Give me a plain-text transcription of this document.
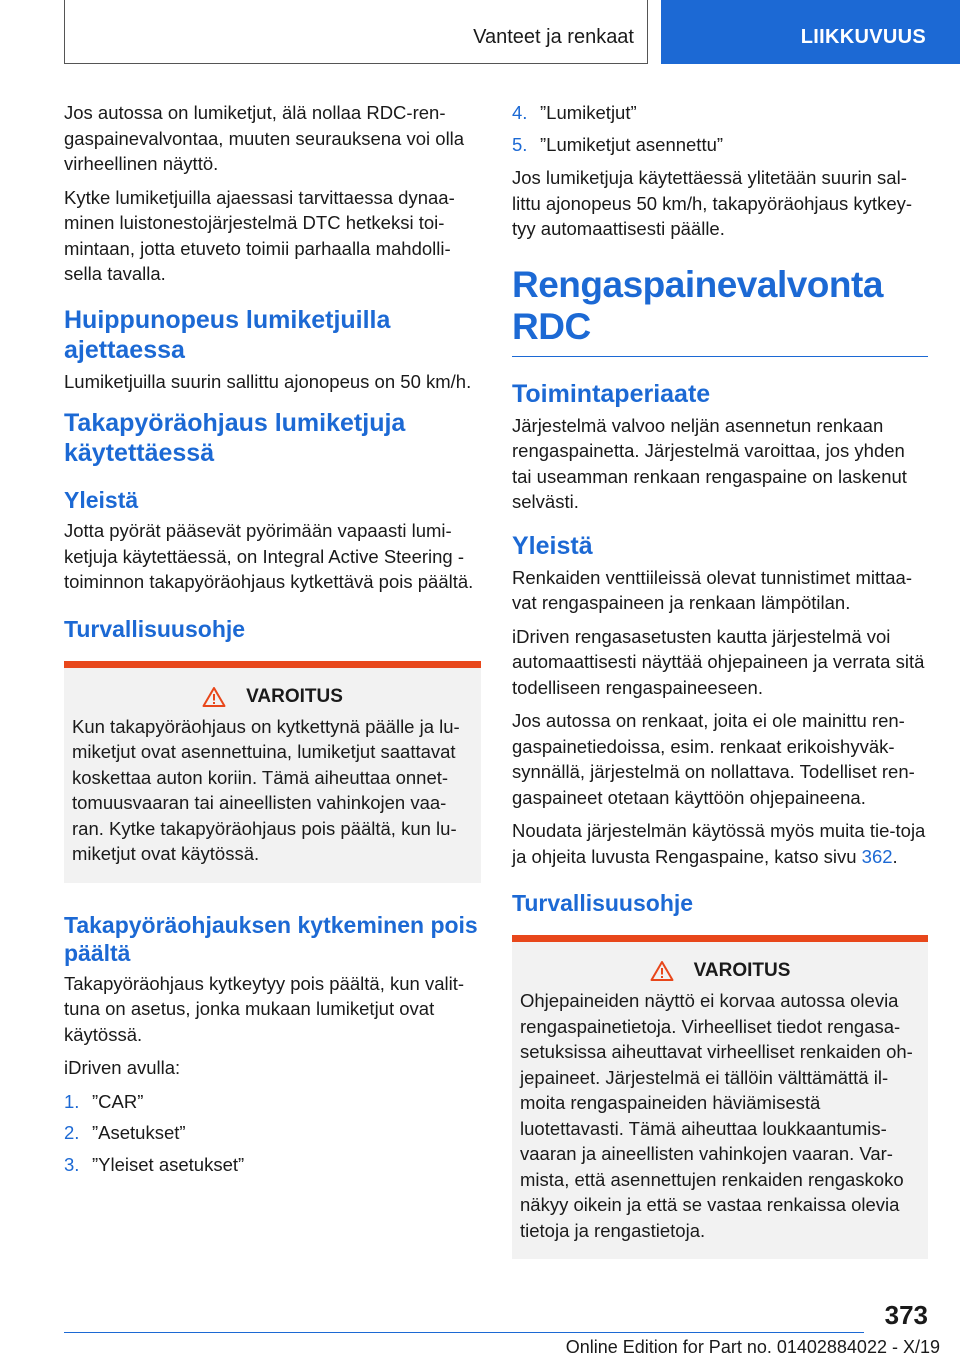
Vanteet ja renkaat	LIIKKUVUUS

Jos autossa on lumiketjut, älä nollaa RDC-ren-gaspainevalvontaa, muuten seurauksena voi olla virheellinen näyttö.

Kytke lumiketjuilla ajaessasi tarvittaessa dynaa-minen luistonestojärjestelmä DTC hetkeksi toi-mintaan, jotta etuveto toimii parhaalla mahdolli-sella tavalla.

Huippunopeus lumiketjuilla ajettaessa

Lumiketjuilla suurin sallittu ajonopeus on 50 km/h.

Takapyöräohjaus lumiketjuja käytettäessä
Yleistä

Jotta pyörät pääsevät pyörimään vapaasti lumi-ketjuja käytettäessä, on Integral Active Steering -toiminnon takapyöräohjaus kytkettävä pois päältä.

Turvallisuusohje
VAROITUS

Kun takapyöräohjaus on kytkettynä päälle ja lu-miketjut ovat asennettuina, lumiketjut saattavat koskettaa auton koriin. Tämä aiheuttaa onnet-tomuusvaaran tai aineellisten vahinkojen vaa-ran. Kytke takapyöräohjaus pois päältä, kun lu-miketjut ovat käytössä.

Takapyöräohjauksen kytkeminen pois päältä

Takapyöräohjaus kytkeytyy pois päältä, kun valit-tuna on asetus, jonka mukaan lumiketjut ovat käytössä.

iDriven avulla:

1. ”CAR”
2. ”Asetukset”
3. ”Yleiset asetukset”
4. ”Lumiketjut”
5. ”Lumiketjut asennettu”

Jos lumiketjuja käytettäessä ylitetään suurin sal-littu ajonopeus 50 km/h, takapyöräohjaus kytkey-tyy automaattisesti päälle.

Rengaspainevalvonta RDC
Toimintaperiaate

Järjestelmä valvoo neljän asennetun renkaan rengaspainetta. Järjestelmä varoittaa, jos yhden tai useamman renkaan rengaspaine on laskenut selvästi.

Yleistä

Renkaiden venttiileissä olevat tunnistimet mittaa-vat rengaspaineen ja renkaan lämpötilan.

iDriven rengasasetusten kautta järjestelmä voi automaattisesti näyttää ohjepaineen ja verrata sitä todelliseen rengaspaineeseen.

Jos autossa on renkaat, joita ei ole mainittu ren-gaspainetiedoissa, esim. renkaat erikoishyväk-synnällä, järjestelmä on nollattava. Todelliset ren-gaspaineet otetaan käyttöön ohjepaineena.

Noudata järjestelmän käytössä myös muita tie-toja ja ohjeita luvusta Rengaspaine, katso sivu 362.

Turvallisuusohje
VAROITUS

Ohjepaineiden näyttö ei korvaa autossa olevia rengaspainetietoja. Virheelliset tiedot rengasa-setuksissa aiheuttavat virheelliset renkaiden oh-jepaineet. Järjestelmä ei tällöin välttämättä il-moita rengaspaineiden häviämisestä luotettavasti. Tämä aiheuttaa loukkaantumis-vaaran ja aineellisten vahinkojen vaaran. Var-mista, että asennettujen renkaiden rengaskoko näkyy oikein ja että se vastaa renkaissa olevia tietoja ja rengastietoja.

373
Online Edition for Part no. 01402884022 - X/19
